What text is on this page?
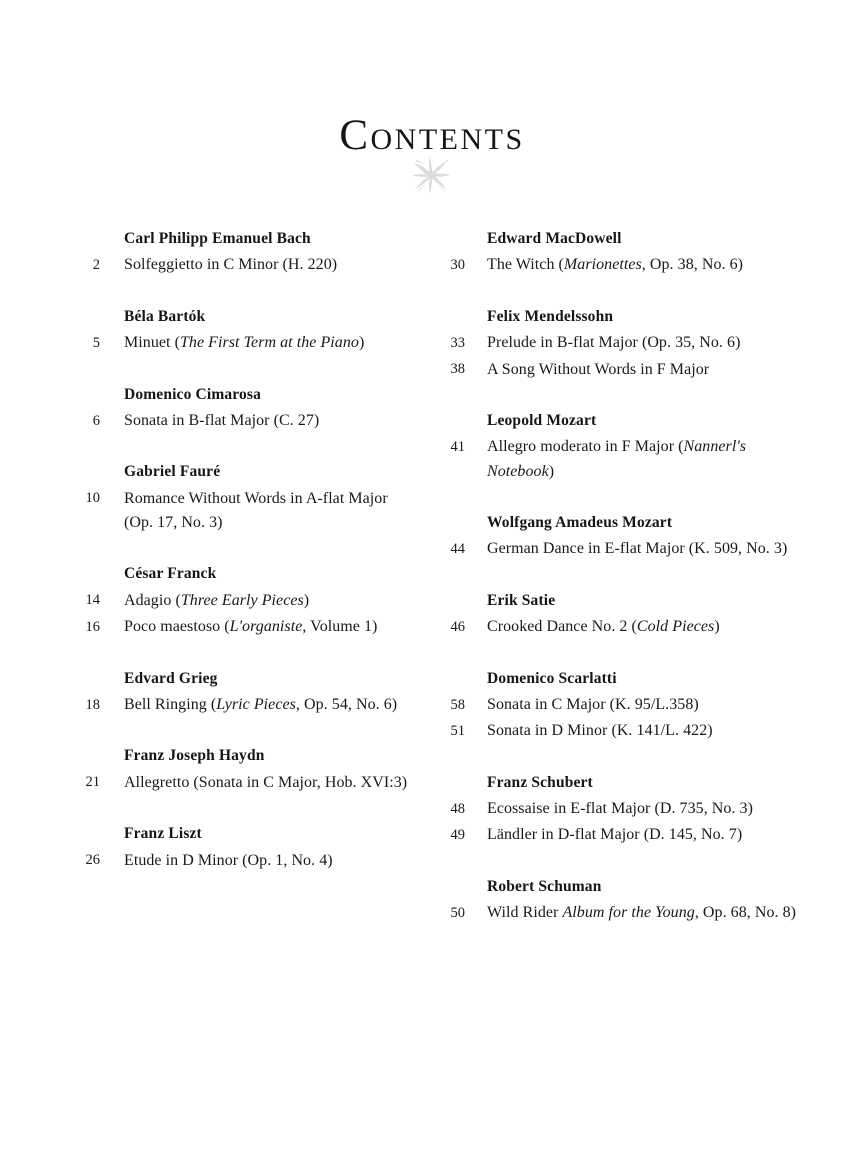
Contents
Carl Philipp Emanuel Bach
2	Solfeggietto in C Minor (H. 220)
Béla Bartók
5	Minuet (The First Term at the Piano)
Domenico Cimarosa
6	Sonata in B-flat Major (C. 27)
Gabriel Fauré
10	Romance Without Words in A-flat Major (Op. 17, No. 3)
César Franck
14	Adagio (Three Early Pieces)
16	Poco maestoso (L'organiste, Volume 1)
Edvard Grieg
18	Bell Ringing (Lyric Pieces, Op. 54, No. 6)
Franz Joseph Haydn
21	Allegretto (Sonata in C Major, Hob. XVI:3)
Franz Liszt
26	Etude in D Minor (Op. 1, No. 4)
Edward MacDowell
30	The Witch (Marionettes, Op. 38, No. 6)
Felix Mendelssohn
33	Prelude in B-flat Major (Op. 35, No. 6)
38	A Song Without Words in F Major
Leopold Mozart
41	Allegro moderato in F Major (Nannerl's Notebook)
Wolfgang Amadeus Mozart
44	German Dance in E-flat Major (K. 509, No. 3)
Erik Satie
46	Crooked Dance No. 2 (Cold Pieces)
Domenico Scarlatti
58	Sonata in C Major (K. 95/L.358)
51	Sonata in D Minor (K. 141/L. 422)
Franz Schubert
48	Ecossaise in E-flat Major (D. 735, No. 3)
49	Ländler in D-flat Major (D. 145, No. 7)
Robert Schuman
50	Wild Rider Album for the Young, Op. 68, No. 8)
